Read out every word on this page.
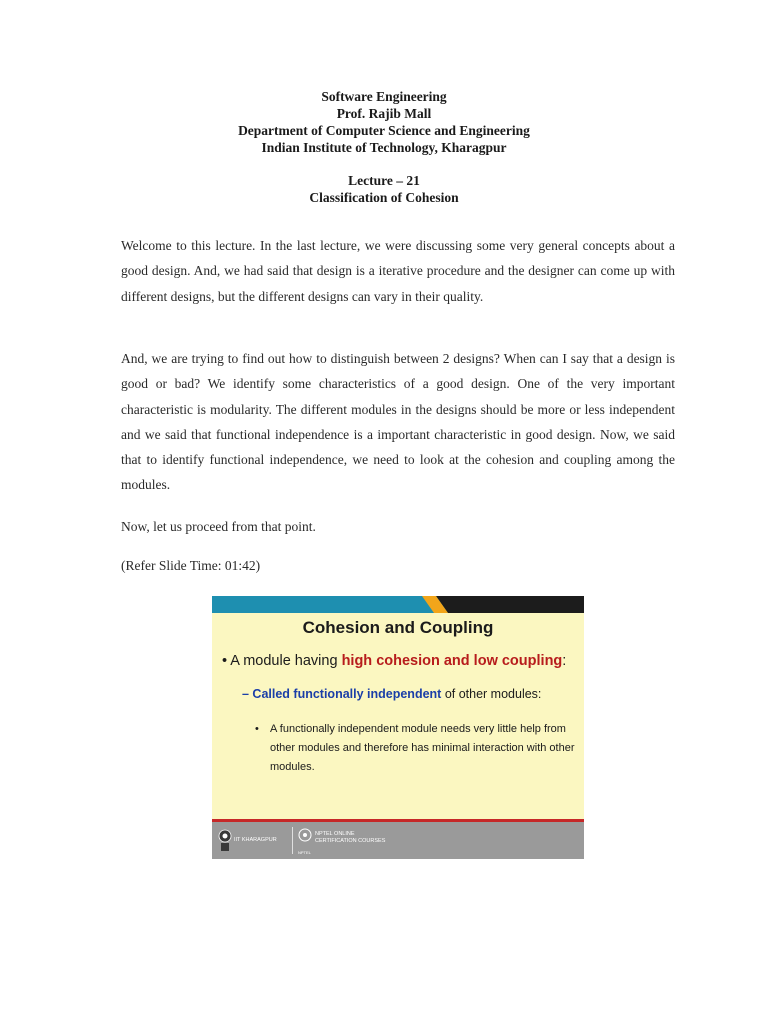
Software Engineering
Prof. Rajib Mall
Department of Computer Science and Engineering
Indian Institute of Technology, Kharagpur
Lecture – 21
Classification of Cohesion

Welcome to this lecture. In the last lecture, we were discussing some very general concepts about a good design. And, we had said that design is a iterative procedure and the designer can come up with different designs, but the different designs can vary in their quality.

And, we are trying to find out how to distinguish between 2 designs? When can I say that a design is good or bad? We identify some characteristics of a good design. One of the very important characteristic is modularity. The different modules in the designs should be more or less independent and we said that functional independence is a important characteristic in good design. Now, we said that to identify functional independence, we need to look at the cohesion and coupling among the modules.

Now, let us proceed from that point.

(Refer Slide Time: 01:42)

Cohesion and Coupling
• A module having high cohesion and low coupling:
– Called functionally independent of other modules:
•	A functionally independent module needs very little help from other modules and therefore has minimal interaction with other modules.
IIT KHARAGPUR
NPTEL
NPTEL ONLINE
CERTIFICATION COURSES
